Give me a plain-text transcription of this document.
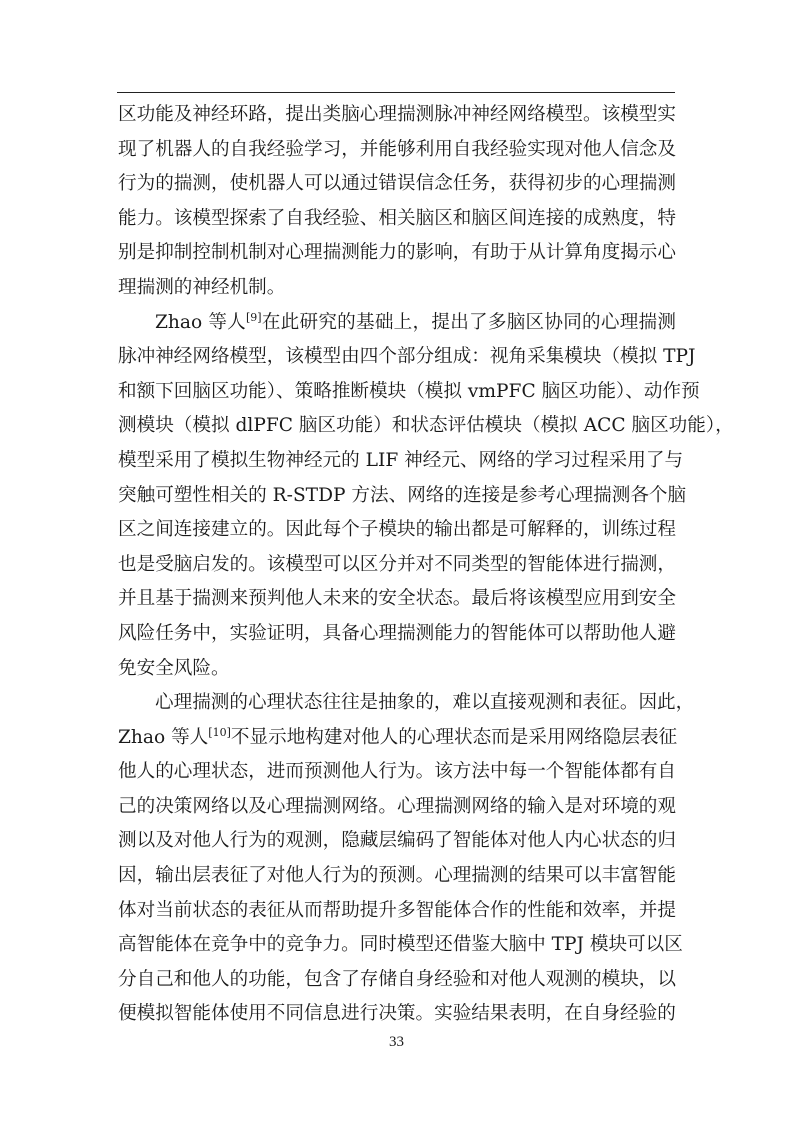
区功能及神经环路，提出类脑心理揣测脉冲神经网络模型。该模型实
现了机器人的自我经验学习，并能够利用自我经验实现对他人信念及
行为的揣测，使机器人可以通过错误信念任务，获得初步的心理揣测
能力。该模型探索了自我经验、相关脑区和脑区间连接的成熟度，特
别是抑制控制机制对心理揣测能力的影响，有助于从计算角度揭示心
理揣测的神经机制。
Zhao 等人[9]在此研究的基础上，提出了多脑区协同的心理揣测
脉冲神经网络模型，该模型由四个部分组成：视角采集模块（模拟 TPJ
和额下回脑区功能）、策略推断模块（模拟 vmPFC 脑区功能）、动作预
测模块（模拟 dlPFC 脑区功能）和状态评估模块（模拟 ACC 脑区功能），
模型采用了模拟生物神经元的 LIF 神经元、网络的学习过程采用了与
突触可塑性相关的 R-STDP 方法、网络的连接是参考心理揣测各个脑
区之间连接建立的。因此每个子模块的输出都是可解释的，训练过程
也是受脑启发的。该模型可以区分并对不同类型的智能体进行揣测，
并且基于揣测来预判他人未来的安全状态。最后将该模型应用到安全
风险任务中，实验证明，具备心理揣测能力的智能体可以帮助他人避
免安全风险。
心理揣测的心理状态往往是抽象的，难以直接观测和表征。因此，
Zhao 等人[10]不显示地构建对他人的心理状态而是采用网络隐层表征
他人的心理状态，进而预测他人行为。该方法中每一个智能体都有自
己的决策网络以及心理揣测网络。心理揣测网络的输入是对环境的观
测以及对他人行为的观测，隐藏层编码了智能体对他人内心状态的归
因，输出层表征了对他人行为的预测。心理揣测的结果可以丰富智能
体对当前状态的表征从而帮助提升多智能体合作的性能和效率，并提
高智能体在竞争中的竞争力。同时模型还借鉴大脑中 TPJ 模块可以区
分自己和他人的功能，包含了存储自身经验和对他人观测的模块，以
便模拟智能体使用不同信息进行决策。实验结果表明，在自身经验的
33
